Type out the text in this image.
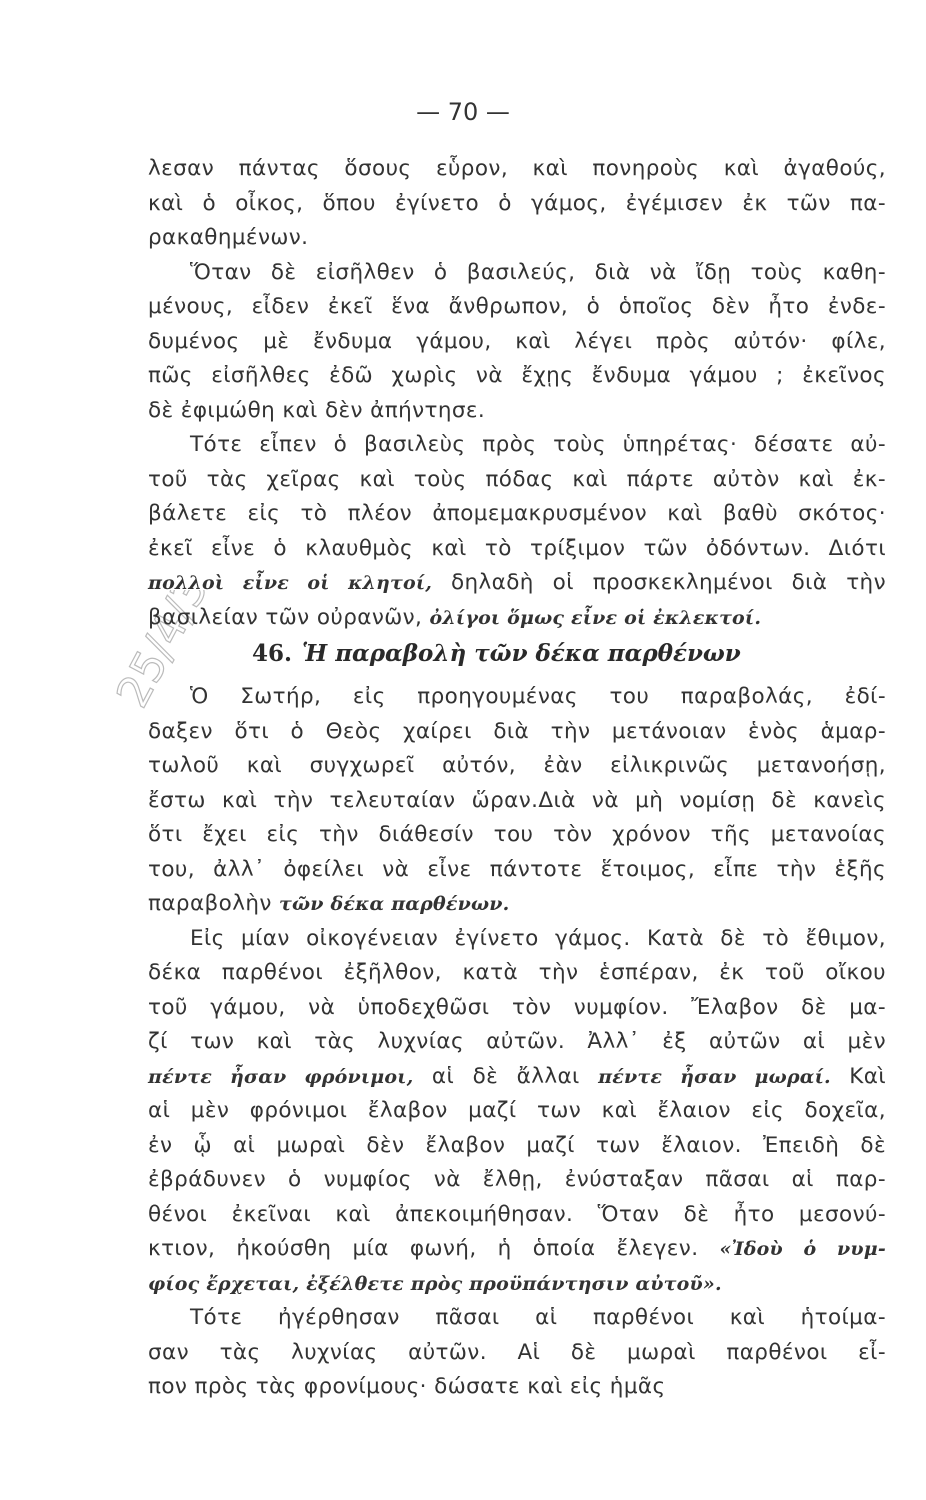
— 70 —
25/4/3
λεσαν πάντας ὅσους εὗρον, καὶ πονηροὺς καὶ ἀγαθούς,
καὶ ὁ οἶκος, ὅπου ἐγίνετο ὁ γάμος, ἐγέμισεν ἐκ τῶν πα-
ρακαθημένων.
Ὅταν δὲ εἰσῆλθεν ὁ βασιλεύς, διὰ νὰ ἴδῃ τοὺς καθη-
μένους, εἶδεν ἐκεῖ ἕνα ἄνθρωπον, ὁ ὁποῖος δὲν ἦτο ἐνδε-
δυμένος μὲ ἔνδυμα γάμου, καὶ λέγει πρὸς αὐτόν· φίλε,
πῶς εἰσῆλθες ἐδῶ χωρὶς νὰ ἔχῃς ἔνδυμα γάμου ; ἐκεῖνος
δὲ ἐφιμώθη καὶ δὲν ἀπήντησε.
Τότε εἶπεν ὁ βασιλεὺς πρὸς τοὺς ὑπηρέτας· δέσατε αὐ-
τοῦ τὰς χεῖρας καὶ τοὺς πόδας καὶ πάρτε αὐτὸν καὶ ἐκ-
βάλετε εἰς τὸ πλέον ἀπομεμακρυσμένον καὶ βαθὺ σκότος·
ἐκεῖ εἶνε ὁ κλαυθμὸς καὶ τὸ τρίξιμον τῶν ὀδόντων. Διότι
πολλοὶ εἶνε οἱ κλητοί, δηλαδὴ οἱ προσκεκλημένοι διὰ τὴν
βασιλείαν τῶν οὐρανῶν, ὀλίγοι ὅμως εἶνε οἱ ἐκλεκτοί.
46. Ἡ παραβολὴ τῶν δέκα παρθένων
Ὁ Σωτήρ, εἰς προηγουμένας του παραβολάς, ἐδί-
δαξεν ὅτι ὁ Θεὸς χαίρει διὰ τὴν μετάνοιαν ἑνὸς ἁμαρ-
τωλοῦ καὶ συγχωρεῖ αὐτόν, ἐὰν εἰλικρινῶς μετανοήσῃ,
ἔστω καὶ τὴν τελευταίαν ὥραν.Διὰ νὰ μὴ νομίσῃ δὲ κανεὶς
ὅτι ἔχει εἰς τὴν διάθεσίν του τὸν χρόνον τῆς μετανοίας
του, ἀλλ᾽ ὀφείλει νὰ εἶνε πάντοτε ἕτοιμος, εἶπε τὴν ἑξῆς
παραβολὴν τῶν δέκα παρθένων.
Εἰς μίαν οἰκογένειαν ἐγίνετο γάμος. Κατὰ δὲ τὸ ἔθιμον,
δέκα παρθένοι ἐξῆλθον, κατὰ τὴν ἑσπέραν, ἐκ τοῦ οἴκου
τοῦ γάμου, νὰ ὑποδεχθῶσι τὸν νυμφίον. Ἔλαβον δὲ μα-
ζί των καὶ τὰς λυχνίας αὐτῶν. Ἀλλ᾽ ἐξ αὐτῶν αἱ μὲν
πέντε ἦσαν φρόνιμοι, αἱ δὲ ἄλλαι πέντε ἦσαν μωραί. Καὶ
αἱ μὲν φρόνιμοι ἔλαβον μαζί των καὶ ἔλαιον εἰς δοχεῖα,
ἐν ᾧ αἱ μωραὶ δὲν ἔλαβον μαζί των ἔλαιον. Ἐπειδὴ δὲ
ἐβράδυνεν ὁ νυμφίος νὰ ἔλθῃ, ἐνύσταξαν πᾶσαι αἱ παρ-
θένοι ἐκεῖναι καὶ ἀπεκοιμήθησαν. Ὅταν δὲ ἦτο μεσονύ-
κτιον, ἠκούσθη μία φωνή, ἡ ὁποία ἔλεγεν. «Ἰδοὺ ὁ νυμ-
φίος ἔρχεται, ἐξέλθετε πρὸς προϋπάντησιν αὐτοῦ».
Τότε ἠγέρθησαν πᾶσαι αἱ παρθένοι καὶ ἡτοίμα-
σαν τὰς λυχνίας αὐτῶν. Αἱ δὲ μωραὶ παρθένοι εἶ-
πον πρὸς τὰς φρονίμους· δώσατε καὶ εἰς ἡμᾶς
